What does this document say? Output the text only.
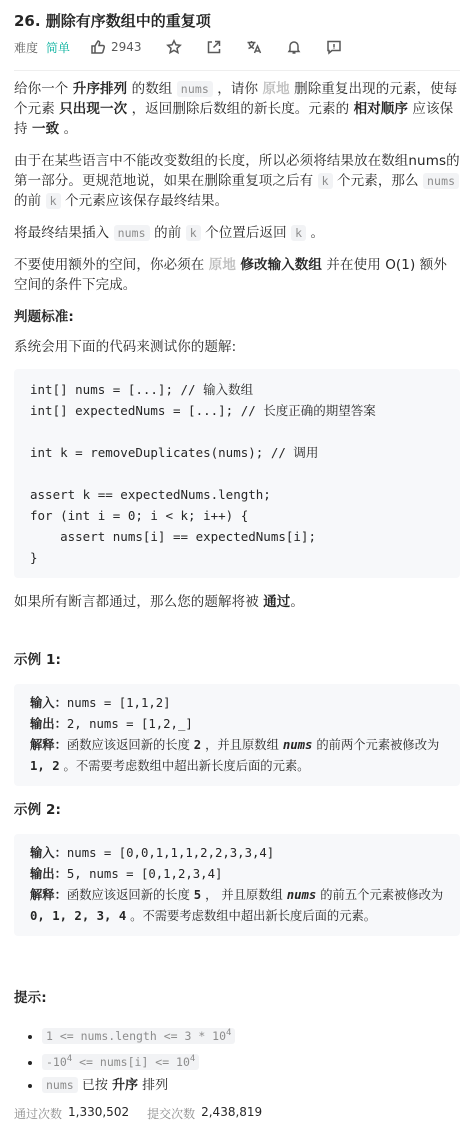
26. 删除有序数组中的重复项
难度 简单	2943

给你一个 升序排列 的数组 nums ，请你 原地 删除重复出现的元素，使每个元素 只出现一次 ，返回删除后数组的新长度。元素的 相对顺序 应该保持 一致 。

由于在某些语言中不能改变数组的长度，所以必须将结果放在数组nums的第一部分。更规范地说，如果在删除重复项之后有 k 个元素，那么 nums 的前 k 个元素应该保存最终结果。

将最终结果插入 nums 的前 k 个位置后返回 k 。

不要使用额外的空间，你必须在 原地 修改输入数组 并在使用 O(1) 额外空间的条件下完成。

判题标准:

系统会用下面的代码来测试你的题解:

int[] nums = [...]; // 输入数组
int[] expectedNums = [...]; // 长度正确的期望答案
int k = removeDuplicates(nums); // 调用
assert k == expectedNums.length;
for (int i = 0; i < k; i++) {
assert nums[i] == expectedNums[i];
}

如果所有断言都通过，那么您的题解将被 通过。

示例 1:

输入：nums = [1,1,2]
输出：2, nums = [1,2,_]
解释：函数应该返回新的长度 2 ，并且原数组 nums 的前两个元素被修改为 1, 2 。不需要考虑数组中超出新长度后面的元素。

示例 2:

输入：nums = [0,0,1,1,1,2,2,3,3,4]
输出：5, nums = [0,1,2,3,4]
解释：函数应该返回新的长度 5 ， 并且原数组 nums 的前五个元素被修改为 0, 1, 2, 3, 4 。不需要考虑数组中超出新长度后面的元素。

提示:

• 1 <= nums.length <= $3 * 10^4$
• $-10^4$ <= nums[i] <= $10^4$
• nums 已按 升序 排列
通过次数 1,330,502 提交次数 2,438,819
